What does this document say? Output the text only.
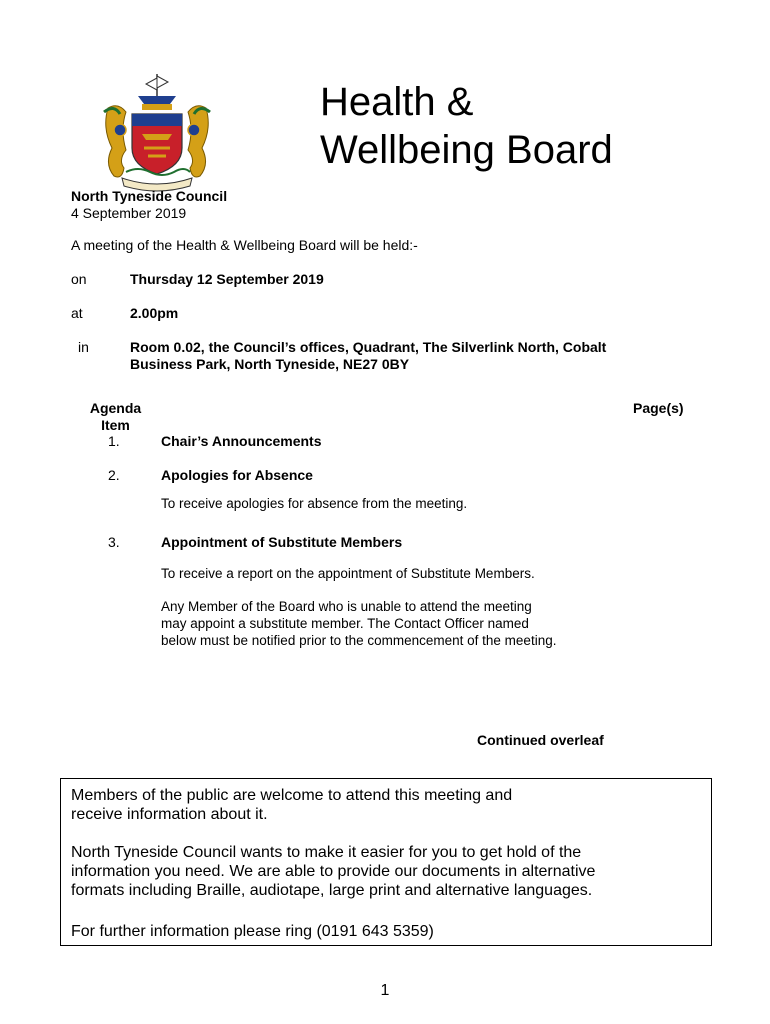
Health &
Wellbeing Board
North Tyneside Council
4 September 2019
A meeting of the Health & Wellbeing Board will be held:-
on	Thursday 12 September 2019
at	2.00pm
in	Room 0.02, the Council’s offices, Quadrant, The Silverlink North, Cobalt
Business Park, North Tyneside, NE27 0BY
Agenda
Item
Page(s)
1.	Chair’s Announcements
2.	Apologies for Absence
To receive apologies for absence from the meeting.
3.	Appointment of Substitute Members
To receive a report on the appointment of Substitute Members.
Any Member of the Board who is unable to attend the meeting
may appoint a substitute member. The Contact Officer named
below must be notified prior to the commencement of the meeting.
Continued overleaf

Members of the public are welcome to attend this meeting and
receive information about it.

North Tyneside Council wants to make it easier for you to get hold of the
information you need. We are able to provide our documents in alternative
formats including Braille, audiotape, large print and alternative languages.

For further information please ring (0191 643 5359)

1
